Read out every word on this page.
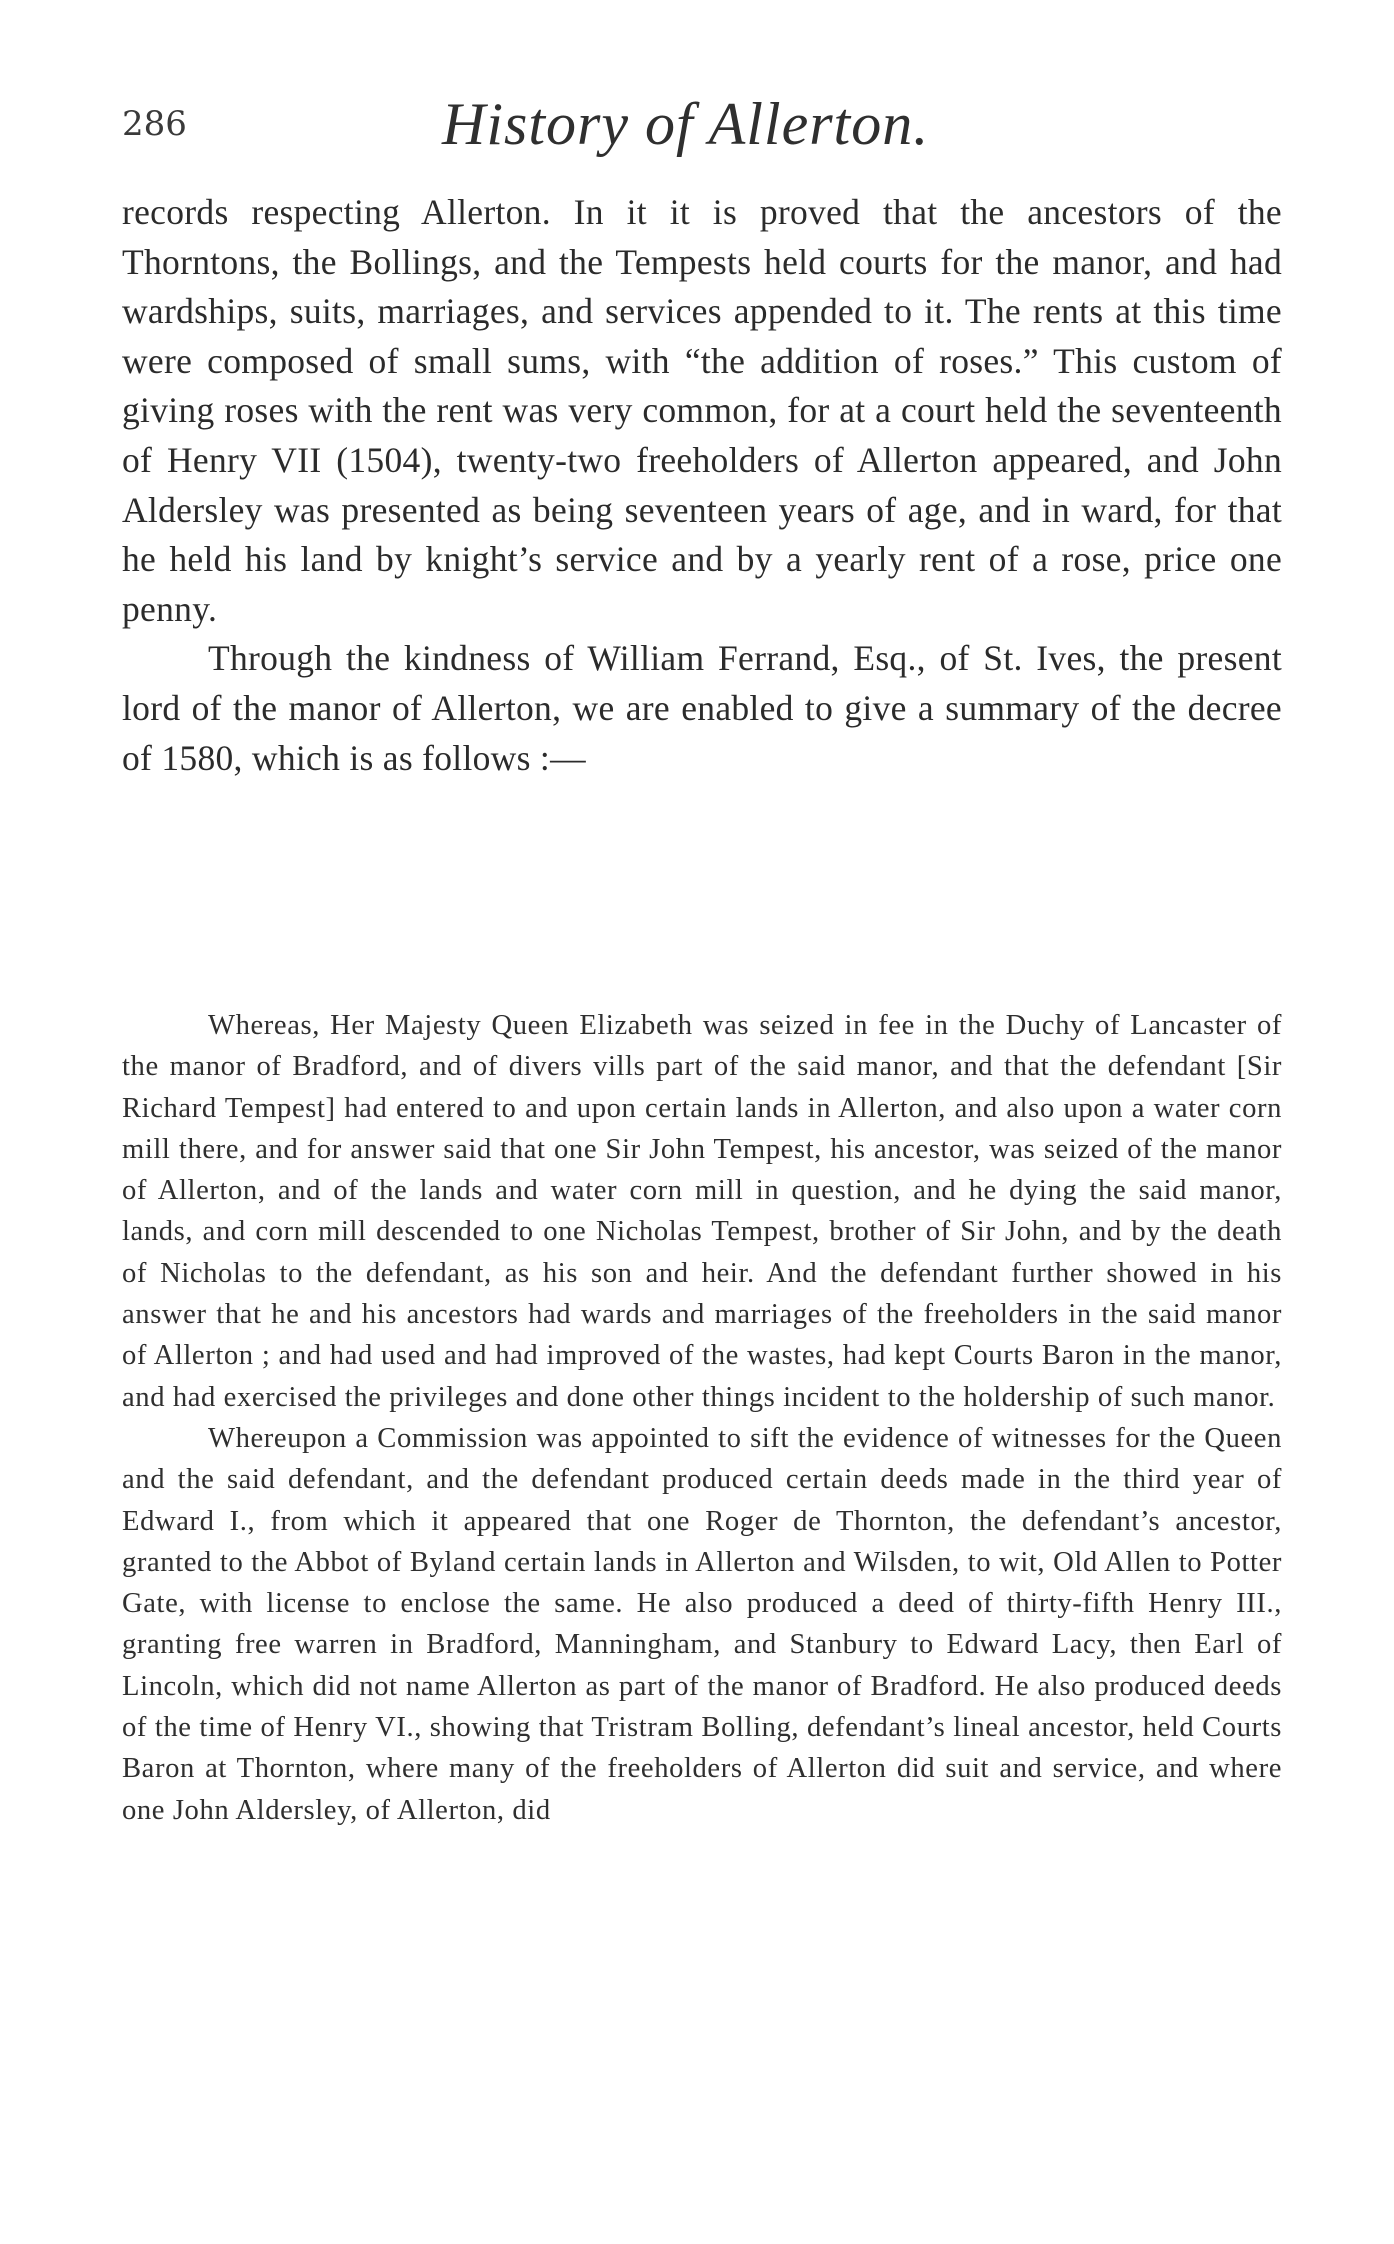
286	History of Allerton.

records respecting Allerton. In it it is proved that the ancestors of the Thorntons, the Bollings, and the Tempests held courts for the manor, and had wardships, suits, marriages, and services appended to it. The rents at this time were composed of small sums, with “the addition of roses.” This custom of giving roses with the rent was very common, for at a court held the seventeenth of Henry VII (1504), twenty-two freeholders of Allerton appeared, and John Aldersley was presented as being seventeen years of age, and in ward, for that he held his land by knight’s service and by a yearly rent of a rose, price one penny.

Through the kindness of William Ferrand, Esq., of St. Ives, the present lord of the manor of Allerton, we are enabled to give a summary of the decree of 1580, which is as follows :—

Whereas, Her Majesty Queen Elizabeth was seized in fee in the Duchy of Lancaster of the manor of Bradford, and of divers vills part of the said manor, and that the defendant [Sir Richard Tempest] had entered to and upon certain lands in Allerton, and also upon a water corn mill there, and for answer said that one Sir John Tempest, his ancestor, was seized of the manor of Allerton, and of the lands and water corn mill in question, and he dying the said manor, lands, and corn mill descended to one Nicholas Tempest, brother of Sir John, and by the death of Nicholas to the defendant, as his son and heir. And the defendant further showed in his answer that he and his ancestors had wards and marriages of the freeholders in the said manor of Allerton ; and had used and had improved of the wastes, had kept Courts Baron in the manor, and had exercised the privileges and done other things incident to the holdership of such manor.

Whereupon a Commission was appointed to sift the evidence of witnesses for the Queen and the said defendant, and the defendant produced certain deeds made in the third year of Edward I., from which it appeared that one Roger de Thornton, the defendant’s ancestor, granted to the Abbot of Byland certain lands in Allerton and Wilsden, to wit, Old Allen to Potter Gate, with license to enclose the same. He also produced a deed of thirty-fifth Henry III., granting free warren in Bradford, Manningham, and Stanbury to Edward Lacy, then Earl of Lincoln, which did not name Allerton as part of the manor of Bradford. He also produced deeds of the time of Henry VI., showing that Tristram Bolling, defendant’s lineal ancestor, held Courts Baron at Thornton, where many of the freeholders of Allerton did suit and service, and where one John Aldersley, of Allerton, did
